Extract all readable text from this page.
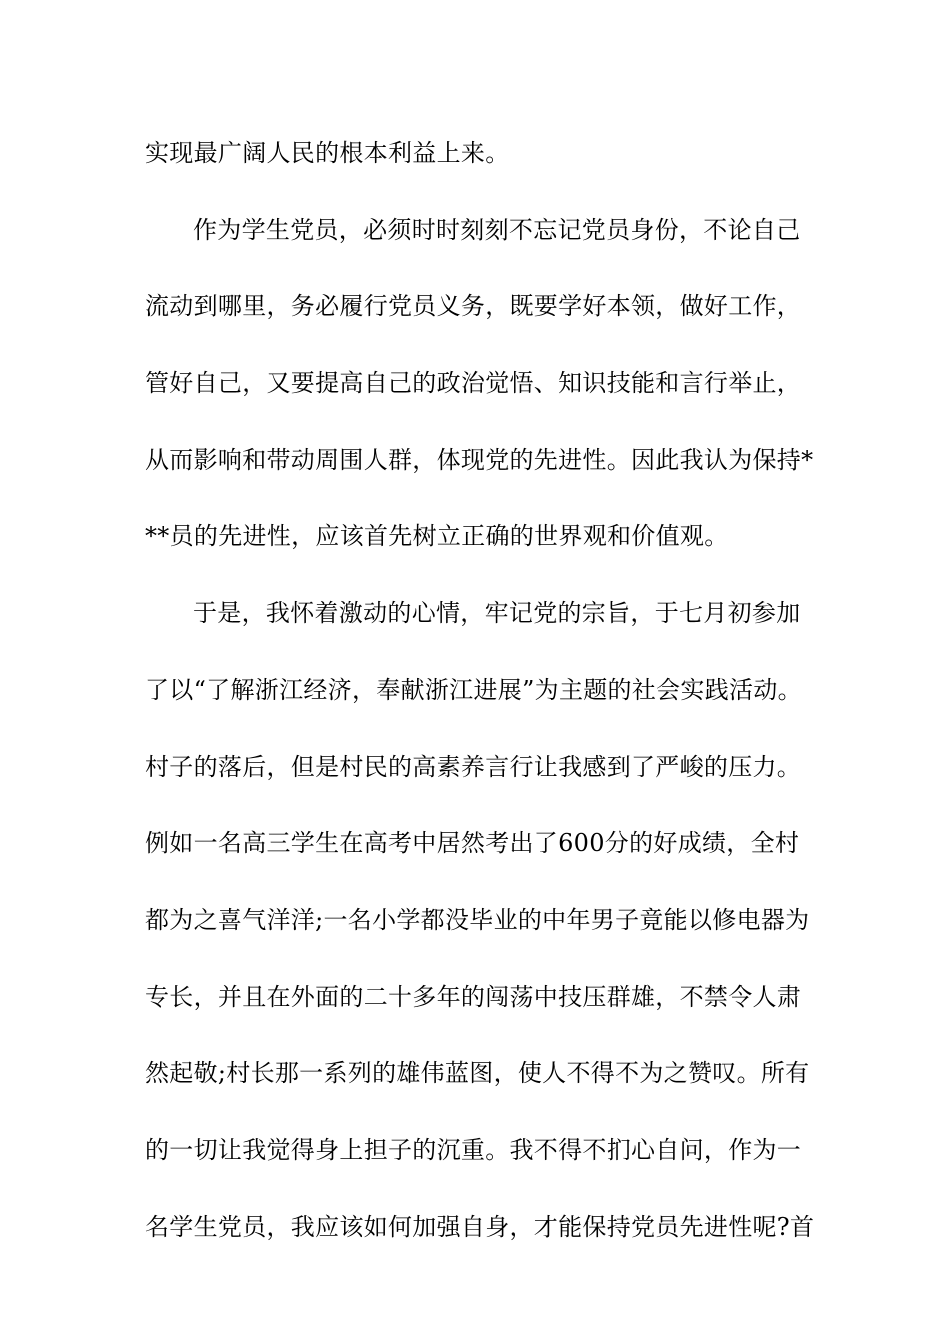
实现最广阔人民的根本利益上来。
作为学生党员，必须时时刻刻不忘记党员身份，不论自己
流动到哪里，务必履行党员义务，既要学好本领，做好工作，
管好自己，又要提高自己的政治觉悟、知识技能和言行举止，
从而影响和带动周围人群，体现党的先进性。因此我认为保持*
**员的先进性，应该首先树立正确的世界观和价值观。
于是，我怀着激动的心情，牢记党的宗旨，于七月初参加
了以“了解浙江经济，奉献浙江进展”为主题的社会实践活动。
村子的落后，但是村民的高素养言行让我感到了严峻的压力。
例如一名高三学生在高考中居然考出了600分的好成绩，全村
都为之喜气洋洋;一名小学都没毕业的中年男子竟能以修电器为
专长，并且在外面的二十多年的闯荡中技压群雄，不禁令人肃
然起敬;村长那一系列的雄伟蓝图，使人不得不为之赞叹。所有
的一切让我觉得身上担子的沉重。我不得不扪心自问，作为一
名学生党员，我应该如何加强自身，才能保持党员先进性呢?首
